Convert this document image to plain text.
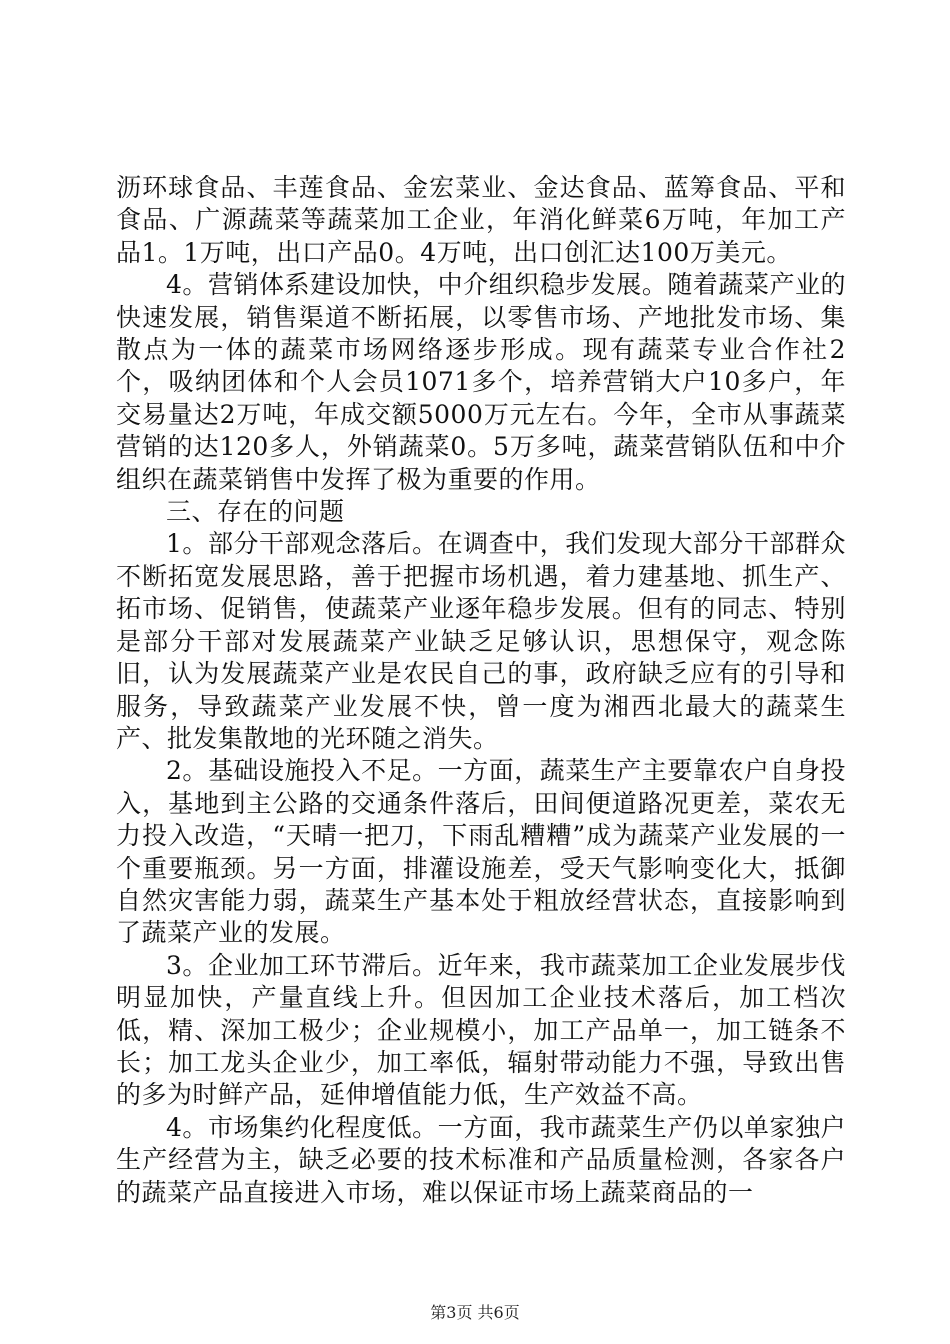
沥环球食品、丰莲食品、金宏菜业、金达食品、蓝筹食品、平和食品、广源蔬菜等蔬菜加工企业，年消化鲜菜6万吨，年加工产品1。1万吨，出口产品0。4万吨，出口创汇达100万美元。

4。营销体系建设加快，中介组织稳步发展。随着蔬菜产业的快速发展，销售渠道不断拓展，以零售市场、产地批发市场、集散点为一体的蔬菜市场网络逐步形成。现有蔬菜专业合作社2个，吸纳团体和个人会员1071多个，培养营销大户10多户，年交易量达2万吨，年成交额5000万元左右。今年，全市从事蔬菜营销的达120多人，外销蔬菜0。5万多吨，蔬菜营销队伍和中介组织在蔬菜销售中发挥了极为重要的作用。

三、存在的问题

1。部分干部观念落后。在调查中，我们发现大部分干部群众不断拓宽发展思路，善于把握市场机遇，着力建基地、抓生产、拓市场、促销售，使蔬菜产业逐年稳步发展。但有的同志、特别是部分干部对发展蔬菜产业缺乏足够认识，思想保守，观念陈旧，认为发展蔬菜产业是农民自己的事，政府缺乏应有的引导和服务，导致蔬菜产业发展不快，曾一度为湘西北最大的蔬菜生产、批发集散地的光环随之消失。

2。基础设施投入不足。一方面，蔬菜生产主要靠农户自身投入，基地到主公路的交通条件落后，田间便道路况更差，菜农无力投入改造，“天晴一把刀，下雨乱糟糟”成为蔬菜产业发展的一个重要瓶颈。另一方面，排灌设施差，受天气影响变化大，抵御自然灾害能力弱，蔬菜生产基本处于粗放经营状态，直接影响到了蔬菜产业的发展。

3。企业加工环节滞后。近年来，我市蔬菜加工企业发展步伐明显加快，产量直线上升。但因加工企业技术落后，加工档次低，精、深加工极少；企业规模小，加工产品单一，加工链条不长；加工龙头企业少，加工率低，辐射带动能力不强，导致出售的多为时鲜产品，延伸增值能力低，生产效益不高。

4。市场集约化程度低。一方面，我市蔬菜生产仍以单家独户生产经营为主，缺乏必要的技术标准和产品质量检测，各家各户的蔬菜产品直接进入市场，难以保证市场上蔬菜商品的一

第3页 共6页
